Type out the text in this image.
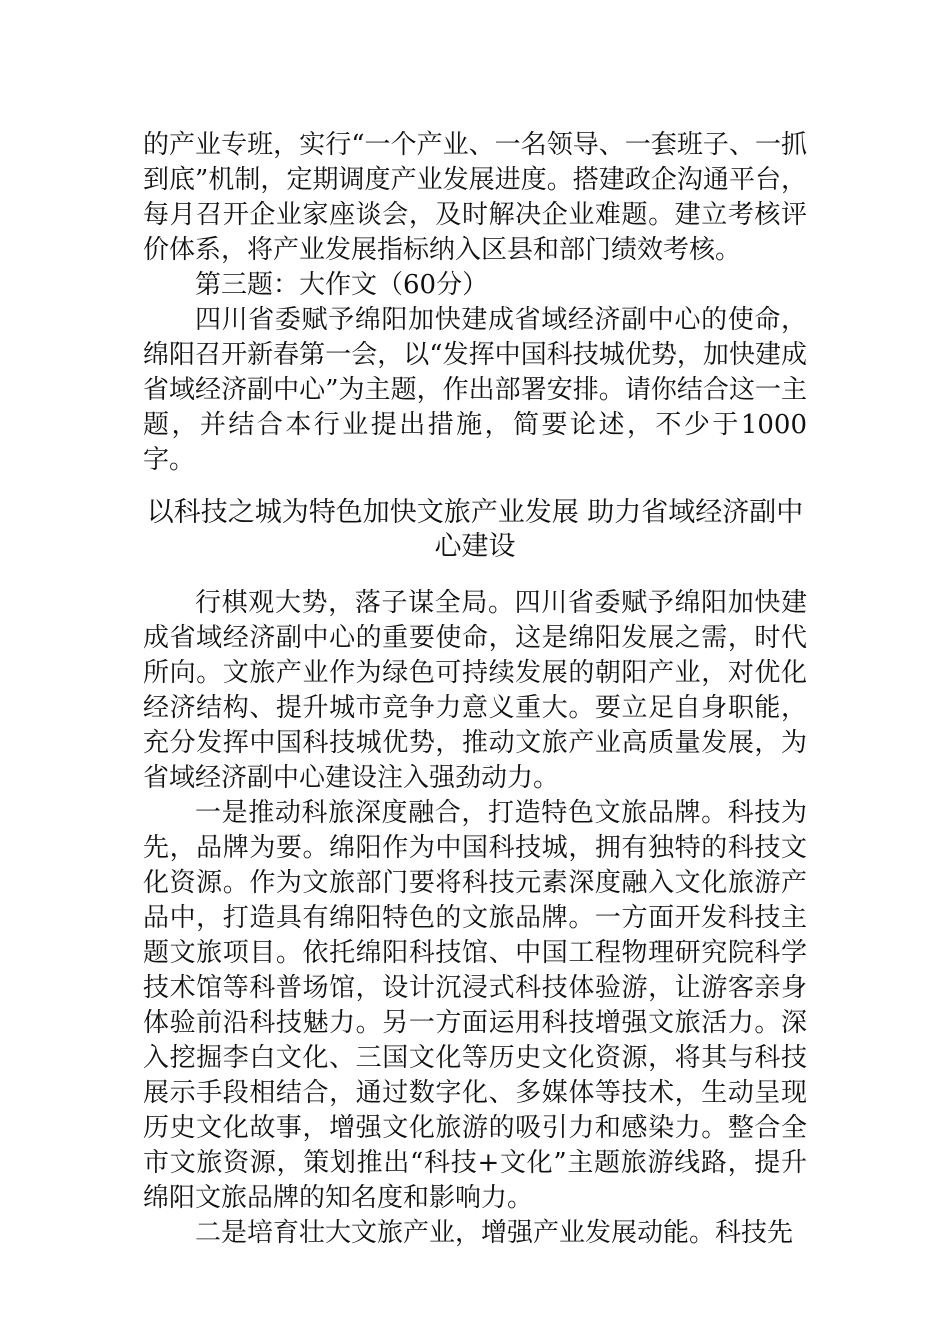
的产业专班，实行“一个产业、一名领导、一套班子、一抓到底”机制，定期调度产业发展进度。搭建政企沟通平台，每月召开企业家座谈会，及时解决企业难题。建立考核评价体系，将产业发展指标纳入区县和部门绩效考核。

第三题：大作文（60分）

四川省委赋予绵阳加快建成省域经济副中心的使命，绵阳召开新春第一会，以“发挥中国科技城优势，加快建成省域经济副中心”为主题，作出部署安排。请你结合这一主题，并结合本行业提出措施，简要论述，不少于1000字。

以科技之城为特色加快文旅产业发展 助力省域经济副中心建设

行棋观大势，落子谋全局。四川省委赋予绵阳加快建成省域经济副中心的重要使命，这是绵阳发展之需，时代所向。文旅产业作为绿色可持续发展的朝阳产业，对优化经济结构、提升城市竞争力意义重大。要立足自身职能，充分发挥中国科技城优势，推动文旅产业高质量发展，为省域经济副中心建设注入强劲动力。

一是推动科旅深度融合，打造特色文旅品牌。科技为先，品牌为要。绵阳作为中国科技城，拥有独特的科技文化资源。作为文旅部门要将科技元素深度融入文化旅游产品中，打造具有绵阳特色的文旅品牌。一方面开发科技主题文旅项目。依托绵阳科技馆、中国工程物理研究院科学技术馆等科普场馆，设计沉浸式科技体验游，让游客亲身体验前沿科技魅力。另一方面运用科技增强文旅活力。深入挖掘李白文化、三国文化等历史文化资源，将其与科技展示手段相结合，通过数字化、多媒体等技术，生动呈现历史文化故事，增强文化旅游的吸引力和感染力。整合全市文旅资源，策划推出“科技+文化”主题旅游线路，提升绵阳文旅品牌的知名度和影响力。

二是培育壮大文旅产业，增强产业发展动能。科技先
